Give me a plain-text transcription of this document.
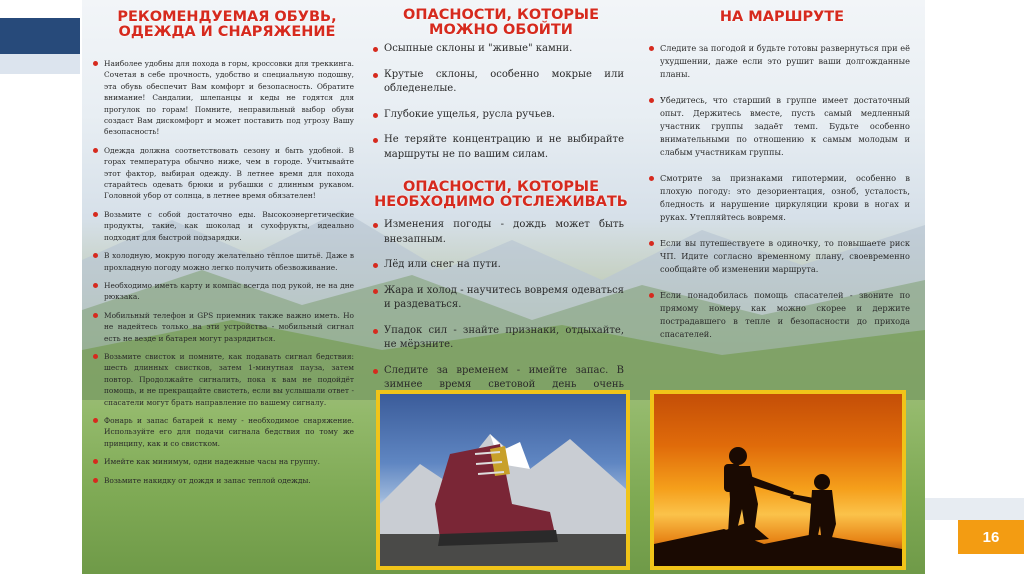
РЕКОМЕНДУЕМАЯ ОБУВЬ, ОДЕЖДА И СНАРЯЖЕНИЕ
Наиболее удобны для похода в горы, кроссовки для треккинга. Сочетая в себе прочность, удобство и специальную подошву, эта обувь обеспечит Вам комфорт и безопасность. Обратите внимание! Сандалии, шлепанцы и кеды не годятся для прогулок по горам! Помните, неправильный выбор обуви создаст Вам дискомфорт и может поставить под угрозу Вашу безопасность!
Одежда должна соответствовать сезону и быть удобной. В горах температура обычно ниже, чем в городе. Учитывайте этот фактор, выбирая одежду. В летнее время для похода старайтесь одевать брюки и рубашки с длинным рукавом. Головной убор от солнца, в летнее время обязателен!
Возьмите с собой достаточно еды. Высокоэнергетические продукты, такие, как шоколад и сухофрукты, идеально подходят для быстрой подзарядки.
В холодную, мокрую погоду желательно тёплое шитьё. Даже в прохладную погоду можно легко получить обезвоживание.
Необходимо иметь карту и компас всегда под рукой, не на дне рюкзака.
Мобильный телефон и GPS приемник также важно иметь. Но не надейтесь только на эти устройства - мобильный сигнал есть не везде и батарея могут разрядиться.
Возьмите свисток и помните, как подавать сигнал бедствия: шесть длинных свистков, затем 1-минутная пауза, затем повтор. Продолжайте сигналить, пока к вам не подойдёт помощь, и не прекращайте свистеть, если вы услышали ответ - спасатели могут брать направление по вашему сигналу.
Фонарь и запас батарей к нему - необходимое снаряжение. Используйте его для подачи сигнала бедствия по тому же принципу, как и со свистком.
Имейте как минимум, одни надежные часы на группу.
Возьмите накидку от дождя и запас теплой одежды.
ОПАСНОСТИ, КОТОРЫЕ МОЖНО ОБОЙТИ
Осыпные склоны и "живые" камни.
Крутые склоны, особенно мокрые или обледенелые.
Глубокие ущелья, русла ручьев.
Не теряйте концентрацию и не выбирайте маршруты не по вашим силам.
ОПАСНОСТИ, КОТОРЫЕ НЕОБХОДИМО ОТСЛЕЖИВАТЬ
Изменения погоды - дождь может быть внезапным.
Лёд или снег на пути.
Жара и холод - научитесь вовремя одеваться и раздеваться.
Упадок сил - знайте признаки, отдыхайте, не мёрзните.
Следите за временем - имейте запас. В зимнее время световой день очень
НА МАРШРУТЕ
Следите за погодой и будьте готовы развернуться при её ухудшении, даже если это рушит ваши долгожданные планы.
Убедитесь, что старший в группе имеет достаточный опыт. Держитесь вместе, пусть самый медленный участник группы задаёт темп. Будьте особенно внимательными по отношению к самым молодым и слабым участникам группы.
Смотрите за признаками гипотермии, особенно в плохую погоду: это дезориентация, озноб, усталость, бледность и нарушение циркуляции крови в ногах и руках. Утепляйтесь вовремя.
Если вы путешествуете в одиночку, то повышаете риск ЧП. Идите согласно временному плану, своевременно сообщайте об изменении маршрута.
Если понадобилась помощь спасателей - звоните по прямому номеру как можно скорее и держите пострадавшего в тепле и безопасности до прихода спасателей.
16
